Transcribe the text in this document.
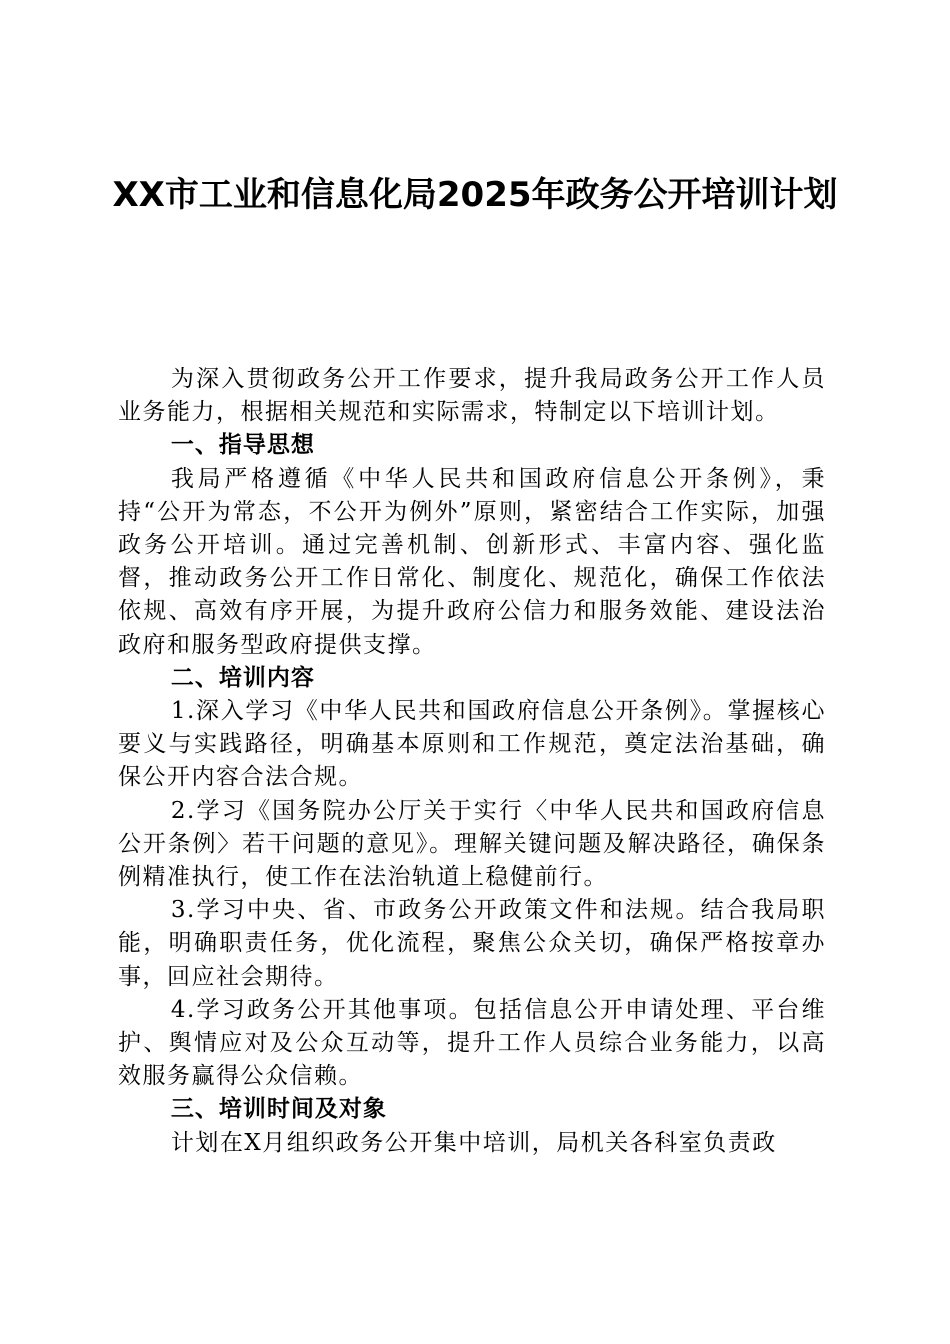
XX市工业和信息化局2025年政务公开培训计划

为深入贯彻政务公开工作要求，提升我局政务公开工作人员业务能力，根据相关规范和实际需求，特制定以下培训计划。

一、指导思想

我局严格遵循《中华人民共和国政府信息公开条例》，秉持“公开为常态，不公开为例外”原则，紧密结合工作实际，加强政务公开培训。通过完善机制、创新形式、丰富内容、强化监督，推动政务公开工作日常化、制度化、规范化，确保工作依法依规、高效有序开展，为提升政府公信力和服务效能、建设法治政府和服务型政府提供支撑。

二、培训内容

1.深入学习《中华人民共和国政府信息公开条例》。掌握核心要义与实践路径，明确基本原则和工作规范，奠定法治基础，确保公开内容合法合规。

2.学习《国务院办公厅关于实行〈中华人民共和国政府信息公开条例〉若干问题的意见》。理解关键问题及解决路径，确保条例精准执行，使工作在法治轨道上稳健前行。

3.学习中央、省、市政务公开政策文件和法规。结合我局职能，明确职责任务，优化流程，聚焦公众关切，确保严格按章办事，回应社会期待。

4.学习政务公开其他事项。包括信息公开申请处理、平台维护、舆情应对及公众互动等，提升工作人员综合业务能力，以高效服务赢得公众信赖。

三、培训时间及对象

计划在X月组织政务公开集中培训，局机关各科室负责政
